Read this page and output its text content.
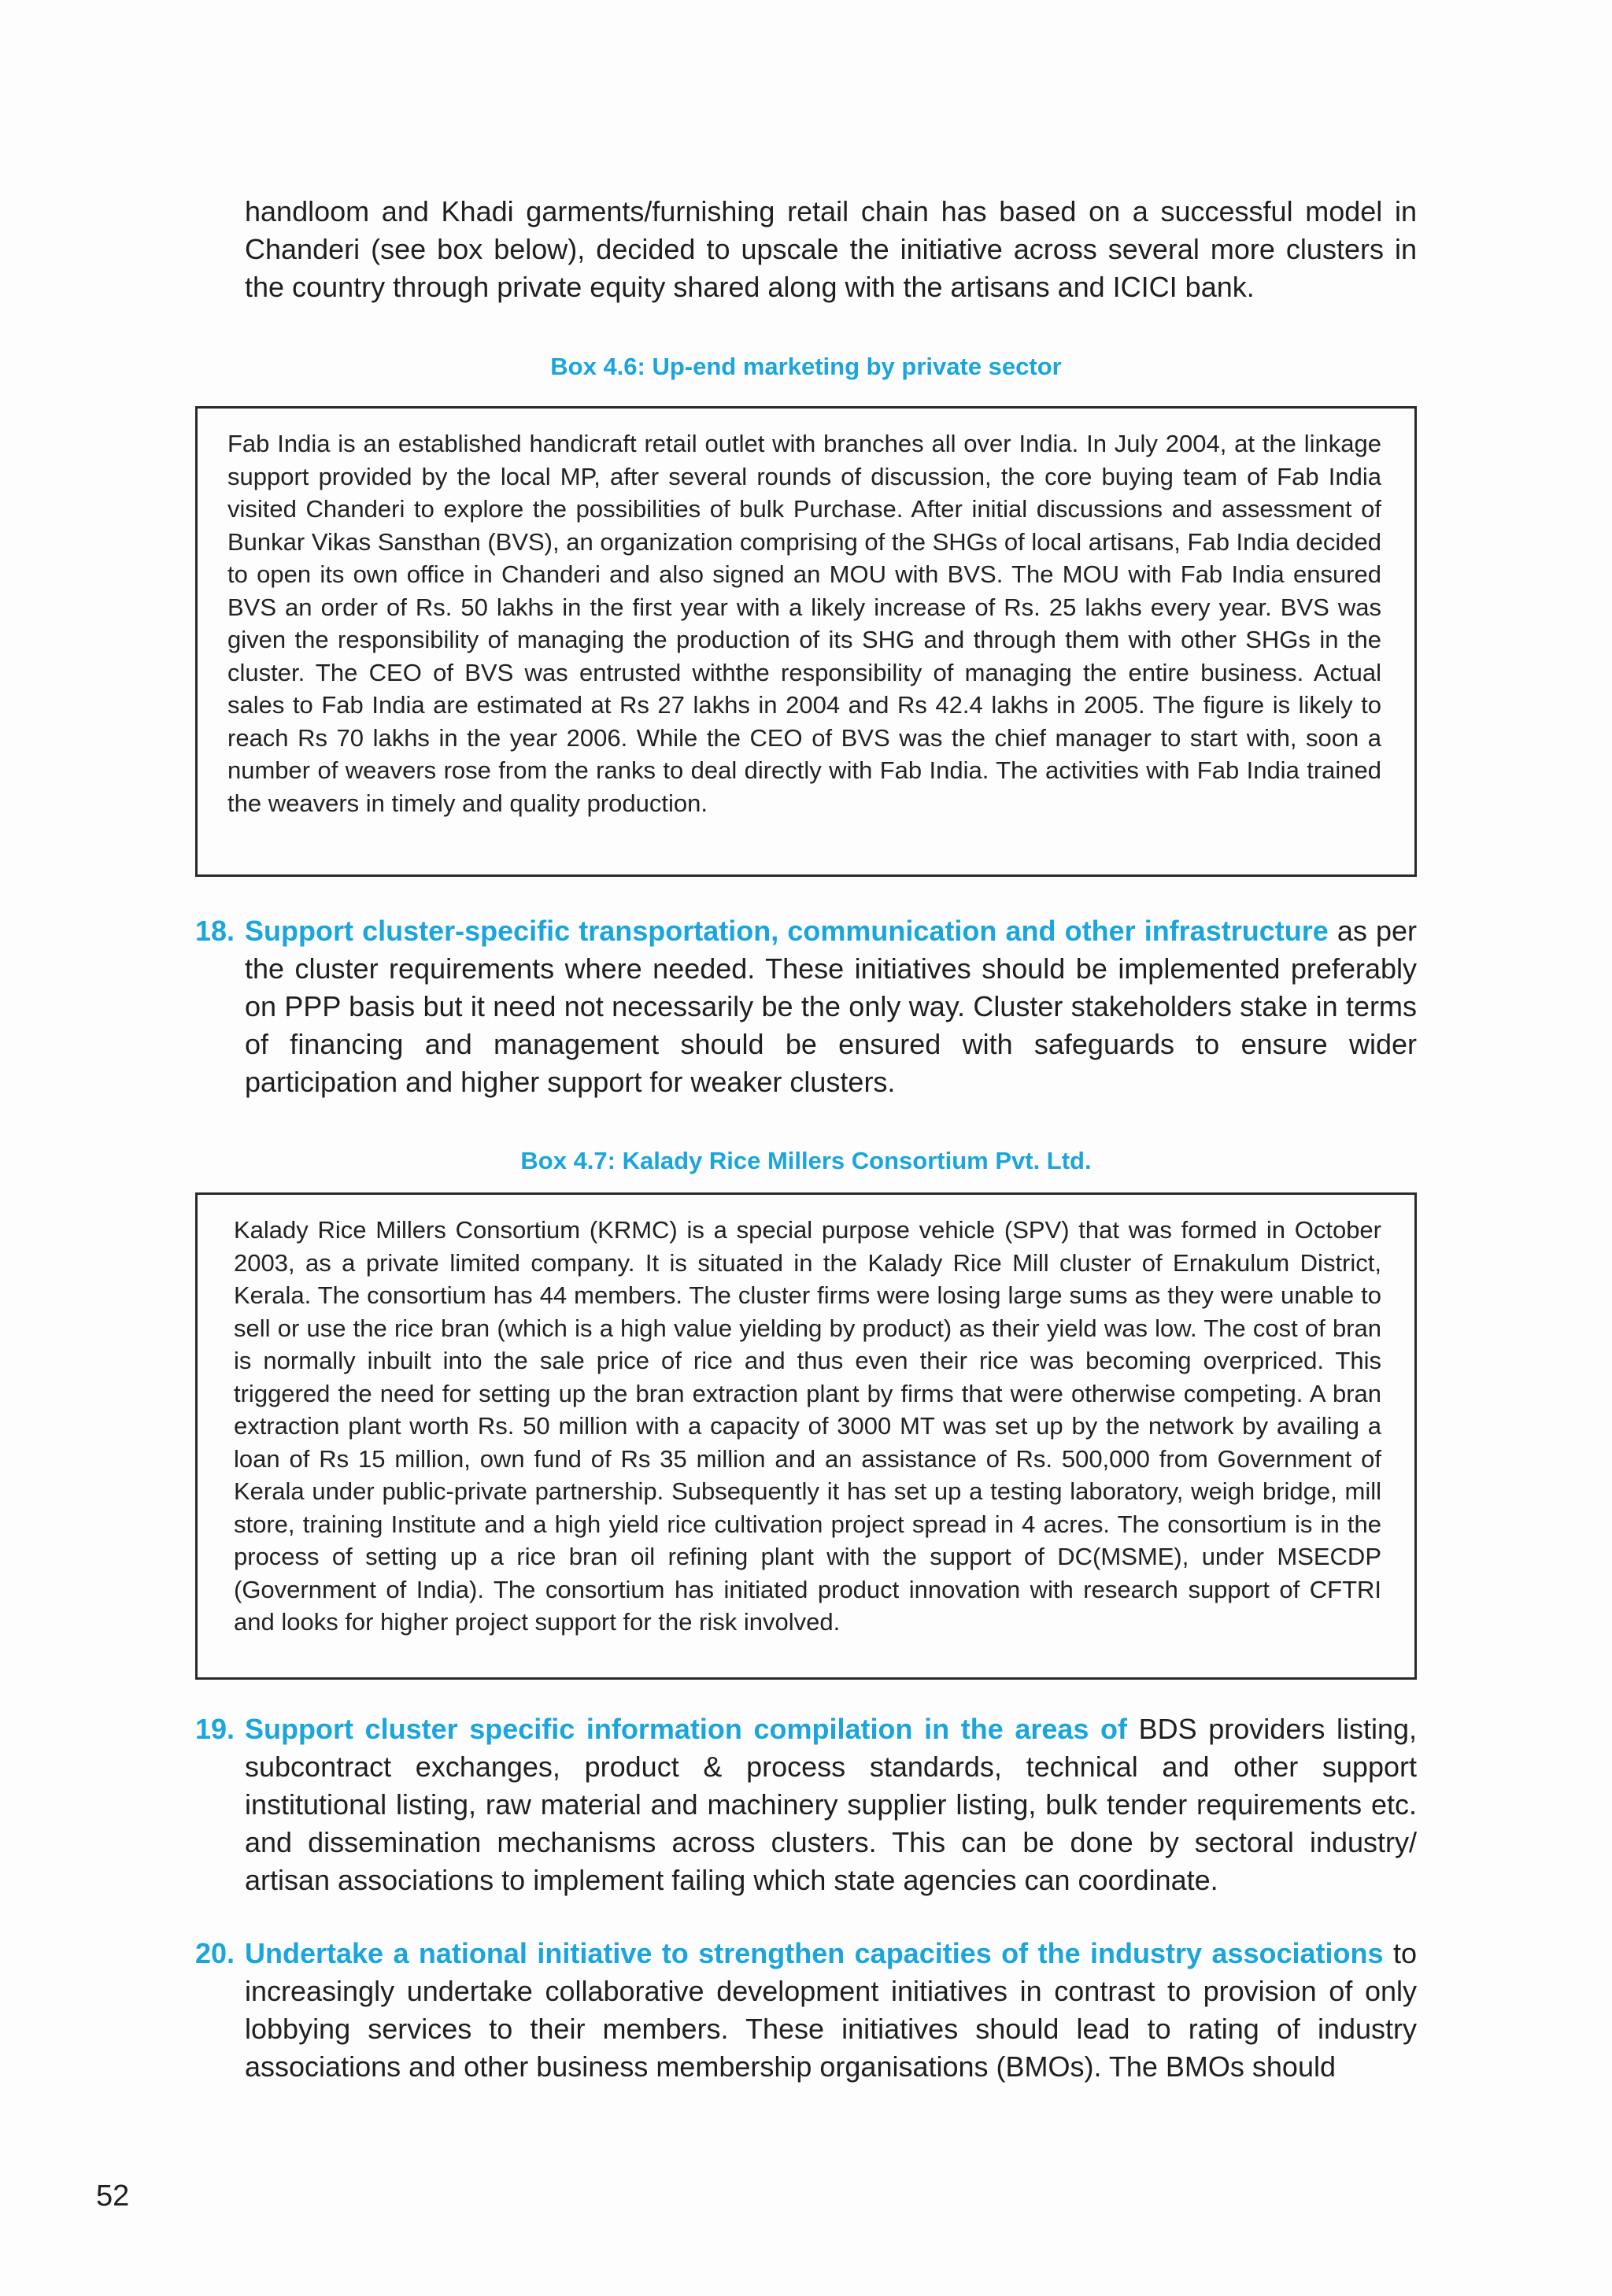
handloom and Khadi garments/furnishing retail chain has based on a successful model in Chanderi (see box below), decided to upscale the initiative across several more clusters in the country through private equity shared along with the artisans and ICICI bank.

Box 4.6: Up-end marketing by private sector

Fab India is an established handicraft retail outlet with branches all over India. In July 2004, at the linkage support provided by the local MP, after several rounds of discussion, the core buying team of Fab India visited Chanderi to explore the possibilities of bulk Purchase. After initial discussions and assessment of Bunkar Vikas Sansthan (BVS), an organization comprising of the SHGs of local artisans, Fab India decided to open its own office in Chanderi and also signed an MOU with BVS. The MOU with Fab India ensured BVS an order of Rs. 50 lakhs in the first year with a likely increase of Rs. 25 lakhs every year. BVS was given the responsibility of managing the production of its SHG and through them with other SHGs in the cluster. The CEO of BVS was entrusted withthe responsibility of managing the entire business. Actual sales to Fab India are estimated at Rs 27 lakhs in 2004 and Rs 42.4 lakhs in 2005. The figure is likely to reach Rs 70 lakhs in the year 2006. While the CEO of BVS was the chief manager to start with, soon a number of weavers rose from the ranks to deal directly with Fab India. The activities with Fab India trained the weavers in timely and quality production.
18. Support cluster-specific transportation, communication and other infrastructure as per the cluster requirements where needed. These initiatives should be implemented preferably on PPP basis but it need not necessarily be the only way. Cluster stakeholders stake in terms of financing and management should be ensured with safeguards to ensure wider participation and higher support for weaker clusters.

Box 4.7: Kalady Rice Millers Consortium Pvt. Ltd.

Kalady Rice Millers Consortium (KRMC) is a special purpose vehicle (SPV) that was formed in October 2003, as a private limited company. It is situated in the Kalady Rice Mill cluster of Ernakulum District, Kerala. The consortium has 44 members. The cluster firms were losing large sums as they were unable to sell or use the rice bran (which is a high value yielding by product) as their yield was low. The cost of bran is normally inbuilt into the sale price of rice and thus even their rice was becoming overpriced. This triggered the need for setting up the bran extraction plant by firms that were otherwise competing. A bran extraction plant worth Rs. 50 million with a capacity of 3000 MT was set up by the network by availing a loan of Rs 15 million, own fund of Rs 35 million and an assistance of Rs. 500,000 from Government of Kerala under public-private partnership. Subsequently it has set up a testing laboratory, weigh bridge, mill store, training Institute and a high yield rice cultivation project spread in 4 acres. The consortium is in the process of setting up a rice bran oil refining plant with the support of DC(MSME), under MSECDP (Government of India). The consortium has initiated product innovation with research support of CFTRI and looks for higher project support for the risk involved.
19. Support cluster specific information compilation in the areas of BDS providers listing, subcontract exchanges, product & process standards, technical and other support institutional listing, raw material and machinery supplier listing, bulk tender requirements etc. and dissemination mechanisms across clusters. This can be done by sectoral industry/ artisan associations to implement failing which state agencies can coordinate.
20. Undertake a national initiative to strengthen capacities of the industry associations to increasingly undertake collaborative development initiatives in contrast to provision of only lobbying services to their members. These initiatives should lead to rating of industry associations and other business membership organisations (BMOs). The BMOs should
52
